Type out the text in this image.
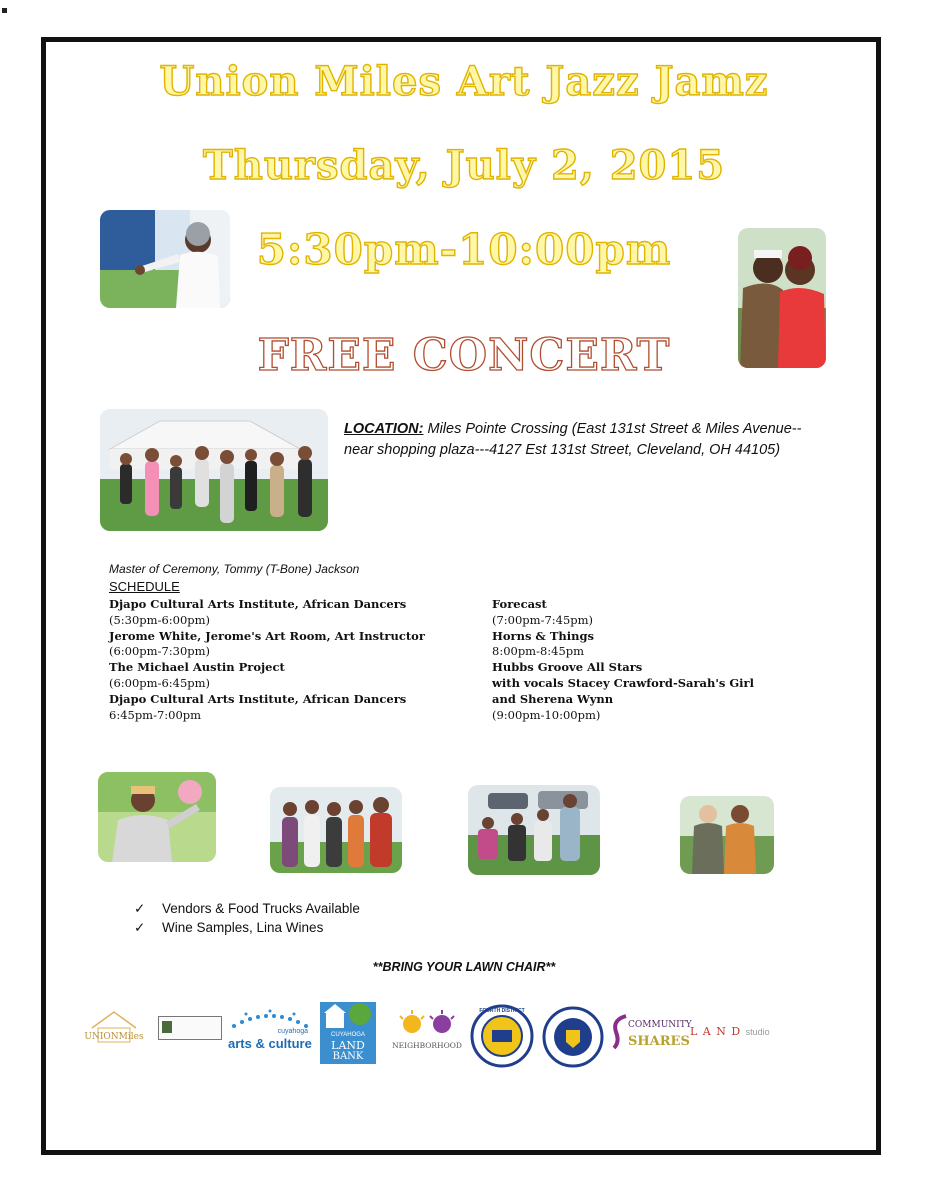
Union Miles Art Jazz Jamz
Thursday, July 2, 2015
5:30pm-10:00pm
FREE CONCERT
LOCATION: Miles Pointe Crossing (East 131st Street & Miles Avenue--near shopping plaza---4127 Est 131st Street, Cleveland, OH 44105)
Master of Ceremony, Tommy (T-Bone) Jackson
SCHEDULE
Djapo Cultural Arts Institute, African Dancers
(5:30pm-6:00pm)
Jerome White, Jerome's Art Room, Art Instructor
(6:00pm-7:30pm)
The Michael Austin Project
(6:00pm-6:45pm)
Djapo Cultural Arts Institute, African Dancers
6:45pm-7:00pm
Forecast
(7:00pm-7:45pm)
Horns & Things
8:00pm-8:45pm
Hubbs Groove All Stars
with vocals Stacey Crawford-Sarah's Girl
and Sherena Wynn
(9:00pm-10:00pm)
✓ Vendors & Food Trucks Available
✓ Wine Samples, Lina Wines
**BRING YOUR LAWN CHAIR**
UNIONMiles
cuyahoga
arts & culture
CUYAHOGA
LAND
BANK
NEIGHBORHOOD
FOURTH DISTRICT
COMMUNITY
SHARES
L A N D studio
